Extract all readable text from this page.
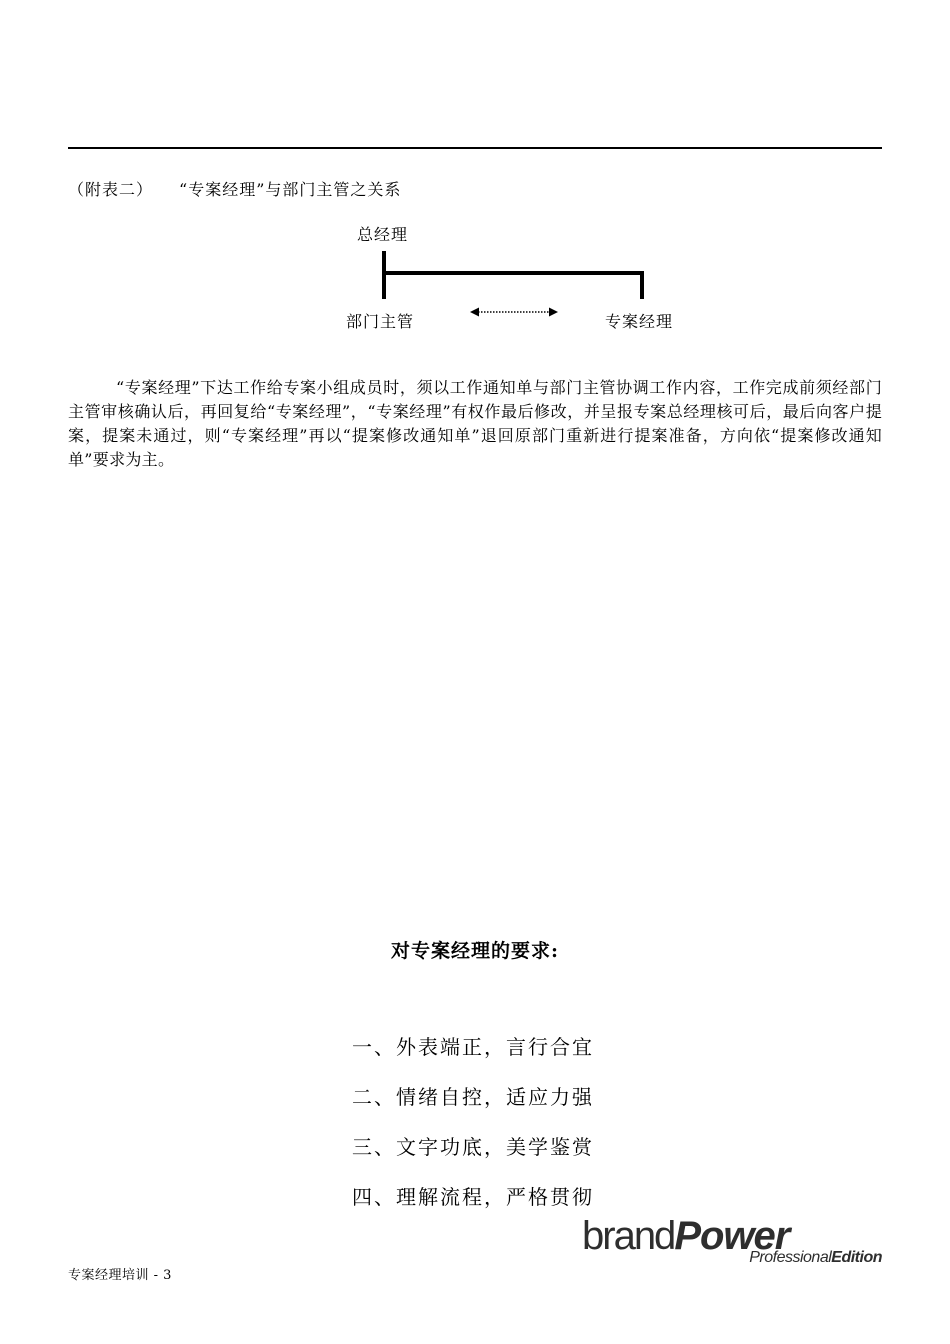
（附表二） “专案经理”与部门主管之关系
总经理
部门主管	专案经理

“专案经理”下达工作给专案小组成员时，须以工作通知单与部门主管协调工作内容，工作完成前须经部门主管审核确认后，再回复给“专案经理”，“专案经理”有权作最后修改，并呈报专案总经理核可后，最后向客户提案，提案未通过，则“专案经理”再以“提案修改通知单”退回原部门重新进行提案准备，方向依“提案修改通知单”要求为主。

对专案经理的要求:
一、外表端正，言行合宜
二、情绪自控，适应力强
三、文字功底，美学鉴赏
四、理解流程，严格贯彻
brandPower
ProfessionalEdition
专案经理培训 - 3
